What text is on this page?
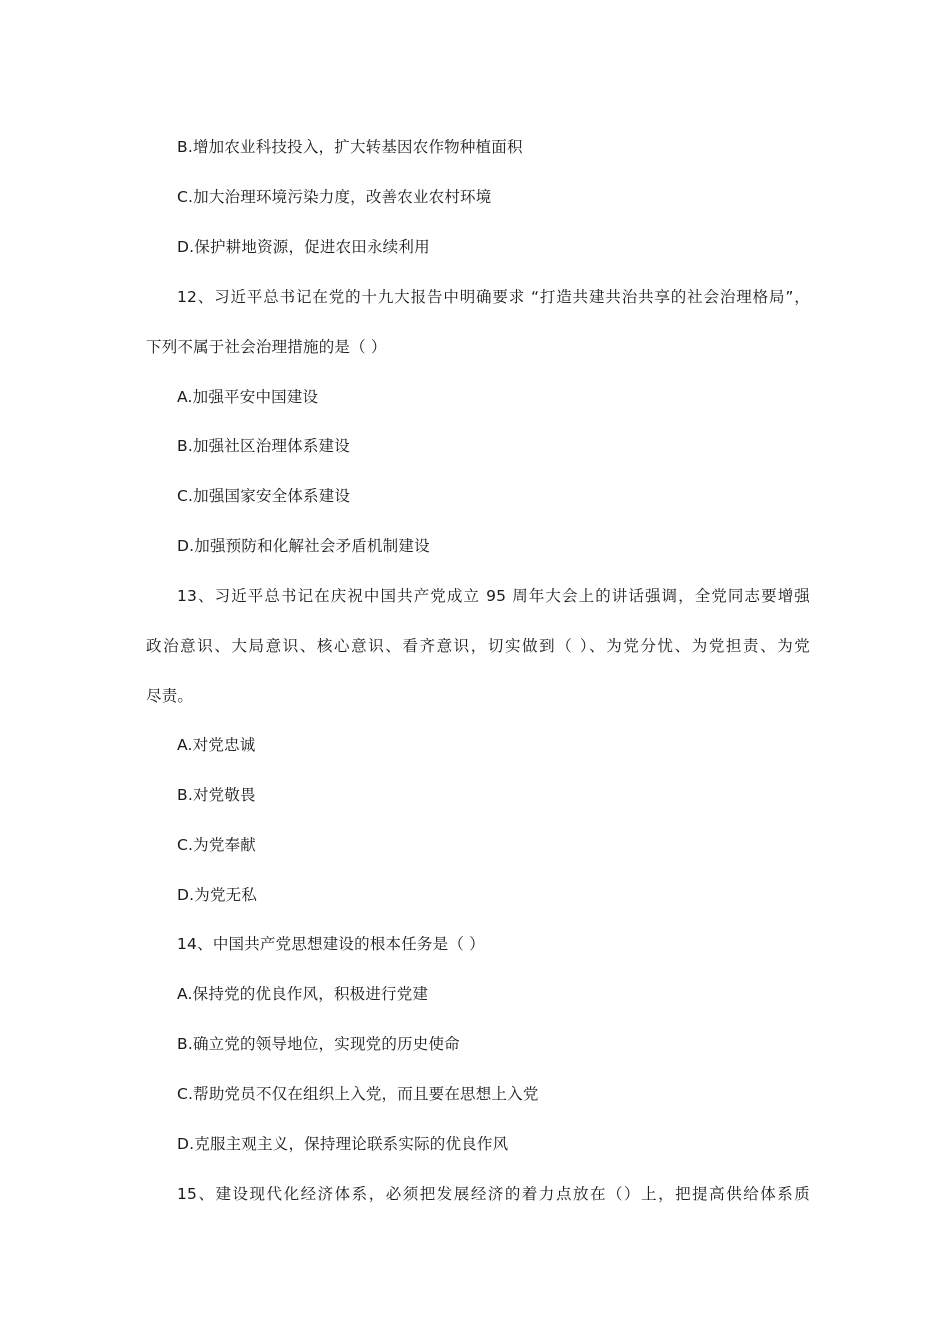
B.增加农业科技投入，扩大转基因农作物种植面积
C.加大治理环境污染力度，改善农业农村环境
D.保护耕地资源，促进农田永续利用
12、习近平总书记在党的十九大报告中明确要求 “打造共建共治共享的社会治理格局”，
下列不属于社会治理措施的是（ ）
A.加强平安中国建设
B.加强社区治理体系建设
C.加强国家安全体系建设
D.加强预防和化解社会矛盾机制建设
13、习近平总书记在庆祝中国共产党成立 95 周年大会上的讲话强调，全党同志要增强
政治意识、大局意识、核心意识、看齐意识，切实做到（ ）、为党分忧、为党担责、为党
尽责。
A.对党忠诚
B.对党敬畏
C.为党奉献
D.为党无私
14、中国共产党思想建设的根本任务是（ ）
A.保持党的优良作风，积极进行党建
B.确立党的领导地位，实现党的历史使命
C.帮助党员不仅在组织上入党，而且要在思想上入党
D.克服主观主义，保持理论联系实际的优良作风
15、建设现代化经济体系，必须把发展经济的着力点放在（）上，把提高供给体系质
